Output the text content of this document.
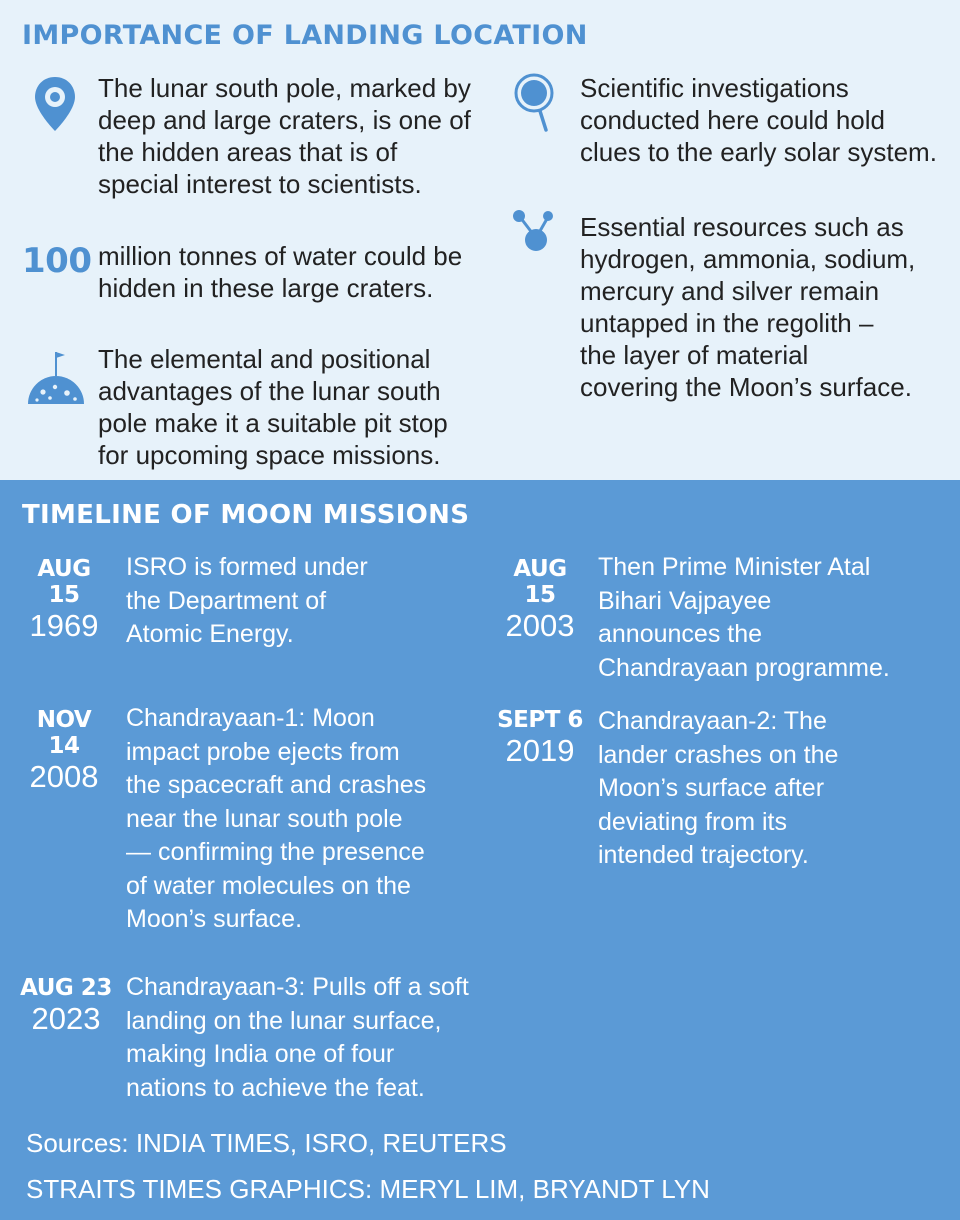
IMPORTANCE OF LANDING LOCATION
The lunar south pole, marked by
deep and large craters, is one of
the hidden areas that is of
special interest to scientists.
100 million tonnes of water could be
hidden in these large craters.
The elemental and positional
advantages of the lunar south
pole make it a suitable pit stop
for upcoming space missions.
Scientific investigations
conducted here could hold
clues to the early solar system.
Essential resources such as
hydrogen, ammonia, sodium,
mercury and silver remain
untapped in the regolith –
the layer of material
covering the Moon’s surface.
TIMELINE OF MOON MISSIONS
AUG 15
1969
ISRO is formed under
the Department of
Atomic Energy.
AUG 15
2003
Then Prime Minister Atal
Bihari Vajpayee
announces the
Chandrayaan programme.
NOV 14
2008
Chandrayaan-1: Moon
impact probe ejects from
the spacecraft and crashes
near the lunar south pole
— confirming the presence
of water molecules on the
Moon’s surface.
SEPT 6
2019
Chandrayaan-2: The
lander crashes on the
Moon’s surface after
deviating from its
intended trajectory.
AUG 23
2023
Chandrayaan-3: Pulls off a soft
landing on the lunar surface,
making India one of four
nations to achieve the feat.
Sources: INDIA TIMES, ISRO, REUTERS
STRAITS TIMES GRAPHICS: MERYL LIM, BRYANDT LYN
